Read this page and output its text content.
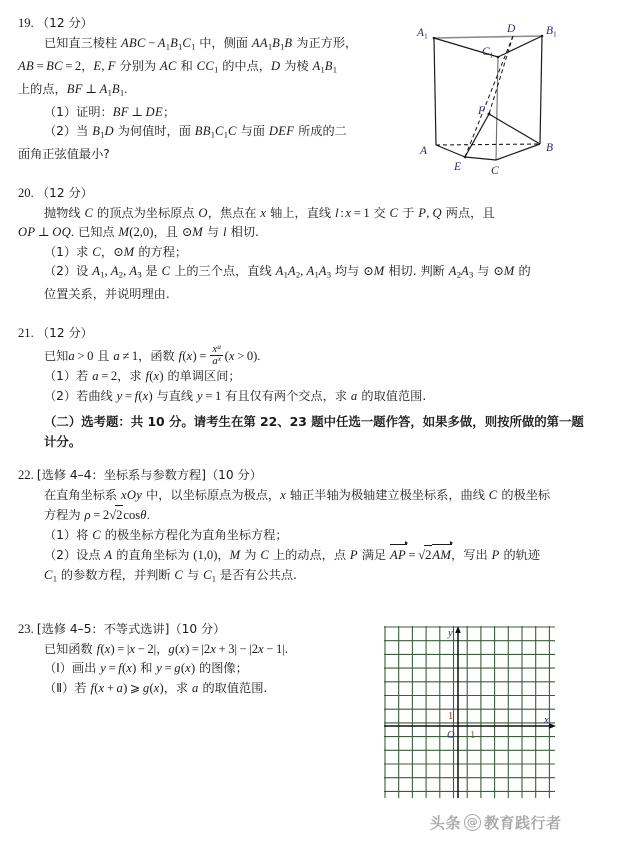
19. （12 分）
已知直三棱柱 ABC − $A_1B_1C_1$ 中，侧面 $AA_1B_1B$ 为正方形，
AB = BC = 2，E, F 分别为 AC 和 $CC_1$ 的中点，D 为棱 $A_1B_1$
上的点，BF ⊥ $A_1B_1$.
（1）证明：BF ⊥ DE；
（2）当 $B_1D$ 为何值时，面 $BB_1C_1C$ 与面 DEF 所成的二
面角正弦值最小?
$A_1$	$B_1$
$C_1$
D
A	B
C
E
F
20. （12 分）
抛物线 C 的顶点为坐标原点 O，焦点在 x 轴上，直线 l : x = 1 交 C 于 P, Q 两点，且
OP ⊥ OQ. 已知点 M(2,0)，且 ⊙M 与 l 相切.
（1）求 C，⊙M 的方程；
（2）设 $A_1$, $A_2$, $A_3$ 是 C 上的三个点，直线 $A_1A_2$, $A_1A_3$ 均与 ⊙M 相切. 判断 $A_2A_3$ 与 ⊙M 的
位置关系，并说明理由.
21. （12 分）
已知a > 0 且 a ≠ 1，函数 $f(x) = \frac{x^a}{a^x} (x > 0)$.
（1）若 a = 2，求 f(x) 的单调区间；
（2）若曲线 y = f(x) 与直线 y = 1 有且仅有两个交点，求 a 的取值范围.
（二）选考题：共 10 分。请考生在第 22、23 题中任选一题作答，如果多做，则按所做的第一题
计分。
22. [选修 4–4：坐标系与参数方程]（10 分）
在直角坐标系 xOy 中，以坐标原点为极点，x 轴正半轴为极轴建立极坐标系，曲线 C 的极坐标
方程为 ρ = 2√2cosθ.
（1）将 C 的极坐标方程化为直角坐标方程；
（2）设点 A 的直角坐标为 (1,0)，M 为 C 上的动点，点 P 满足 AP = √2AM，写出 P 的轨迹
$C_1$ 的参数方程，并判断 C 与 $C_1$ 是否有公共点.
23. [选修 4–5：不等式选讲]（10 分）
已知函数 f(x) = |x − 2|，g(x) = |2x + 3| − |2x − 1|.
（Ⅰ）画出 y = f(x) 和 y = g(x) 的图像；
（Ⅱ）若 f(x + a) ⩾ g(x)，求 a 的取值范围.
y
x
O
1
1
头条 @ 教育践行者
